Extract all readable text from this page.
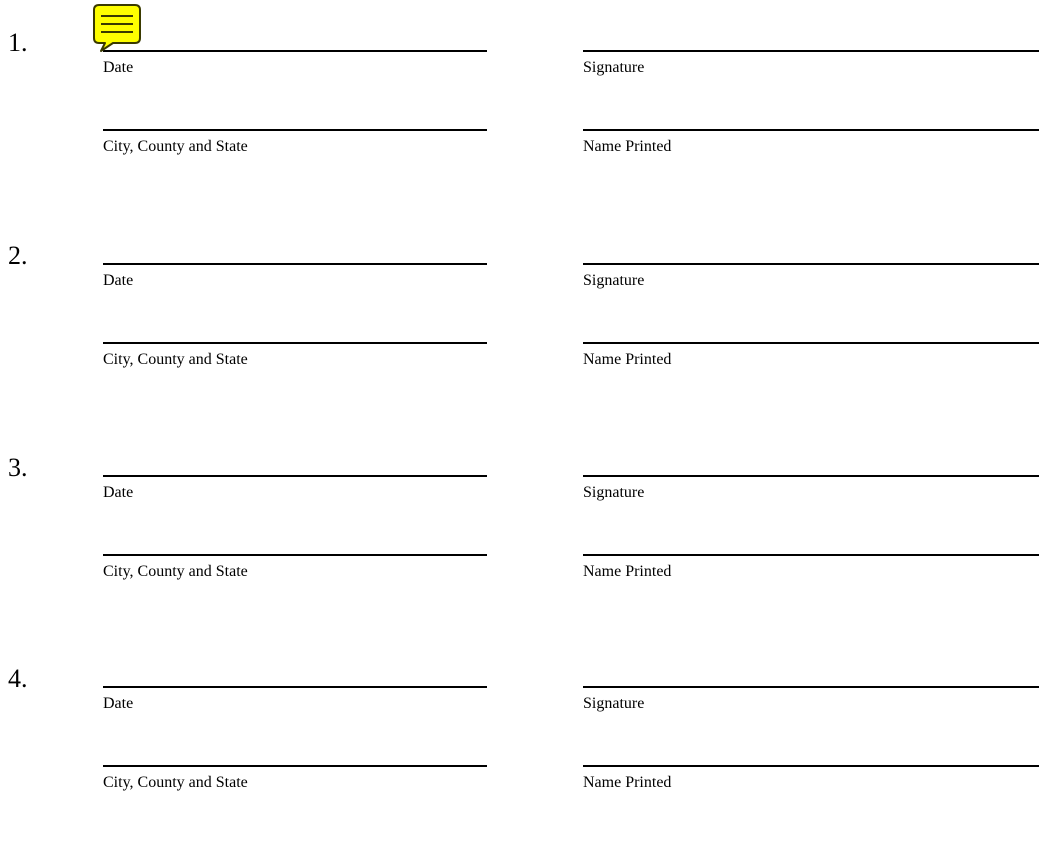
1.
Date	Signature
City, County and State	Name Printed
2.
Date	Signature
City, County and State	Name Printed
3.
Date	Signature
City, County and State	Name Printed
4.
Date	Signature
City, County and State	Name Printed
